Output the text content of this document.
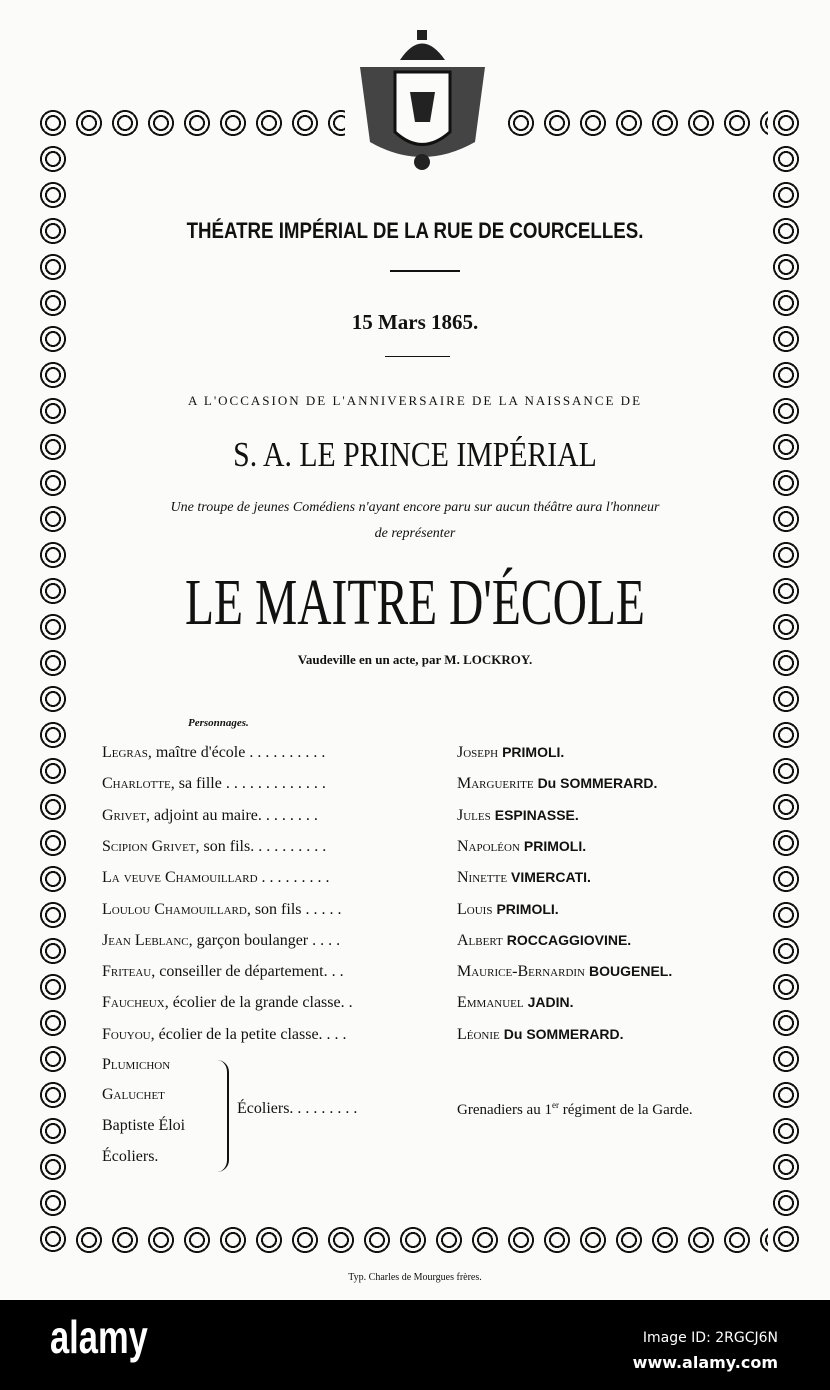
THÉATRE IMPÉRIAL DE LA RUE DE COURCELLES.
15 Mars 1865.
A L'OCCASION DE L'ANNIVERSAIRE DE LA NAISSANCE DE
S. A. LE PRINCE IMPÉRIAL
Une troupe de jeunes Comédiens n'ayant encore paru sur aucun théâtre aura l'honneur
de représenter
LE MAITRE D'ÉCOLE
Vaudeville en un acte, par M. LOCKROY.
Personnages.
Legras, maître d'école . . . . . . . . . .	Joseph PRIMOLI.
Charlotte, sa fille . . . . . . . . . . . . .	Marguerite Du SOMMERARD.
Grivet, adjoint au maire. . . . . . . .	Jules ESPINASSE.
Scipion Grivet, son fils. . . . . . . . . .	Napoléon PRIMOLI.
La veuve Chamouillard . . . . . . . . .	Ninette VIMERCATI.
Loulou Chamouillard, son fils . . . . .	Louis PRIMOLI.
Jean Leblanc, garçon boulanger . . . .	Albert ROCCAGGIOVINE.
Friteau, conseiller de département. . .	Maurice-Bernardin BOUGENEL.
Faucheux, écolier de la grande classe. .	Emmanuel JADIN.
Fouyou, écolier de la petite classe. . . .	Léonie Du SOMMERARD.
Plumichon
Galuchet
Baptiste Éloi
Écoliers.
Écoliers. . . . . . . . .	Grenadiers au 1er régiment de la Garde.
Typ. Charles de Mourgues frères.
alamy	Image ID: 2RGCJ6N
www.alamy.com
